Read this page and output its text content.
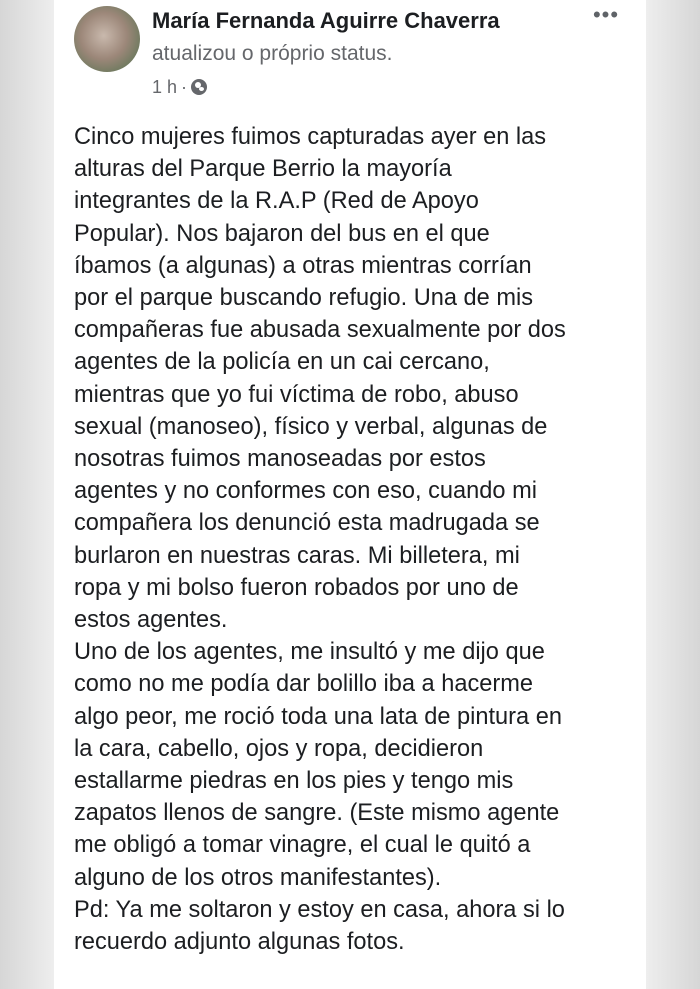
María Fernanda Aguirre Chaverra	•••
atualizou o próprio status.
1 h ·
Cinco mujeres fuimos capturadas ayer en las
alturas del Parque Berrio la mayoría
integrantes de la R.A.P (Red de Apoyo
Popular). Nos bajaron del bus en el que
íbamos (a algunas) a otras mientras corrían
por el parque buscando refugio. Una de mis
compañeras fue abusada sexualmente por dos
agentes de la policía en un cai cercano,
mientras que yo fui víctima de robo, abuso
sexual (manoseo), físico y verbal, algunas de
nosotras fuimos manoseadas por estos
agentes y no conformes con eso, cuando mi
compañera los denunció esta madrugada se
burlaron en nuestras caras. Mi billetera, mi
ropa y mi bolso fueron robados por uno de
estos agentes.
Uno de los agentes, me insultó y me dijo que
como no me podía dar bolillo iba a hacerme
algo peor, me roció toda una lata de pintura en
la cara, cabello, ojos y ropa, decidieron
estallarme piedras en los pies y tengo mis
zapatos llenos de sangre. (Este mismo agente
me obligó a tomar vinagre, el cual le quitó a
alguno de los otros manifestantes).
Pd: Ya me soltaron y estoy en casa, ahora si lo
recuerdo adjunto algunas fotos.
